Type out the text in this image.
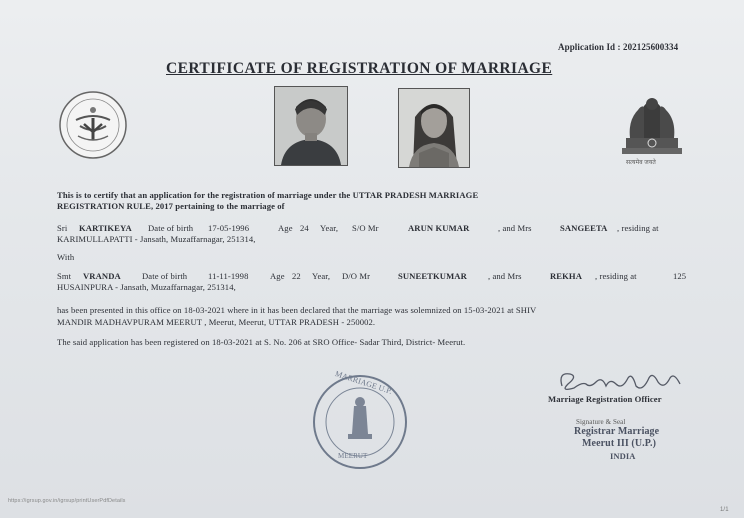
Application Id : 202125600334
CERTIFICATE OF REGISTRATION OF MARRIAGE
सत्यमेव जयते
This is to certify that an application for the registration of marriage under the UTTAR PRADESH MARRIAGE
REGISTRATION RULE, 2017 pertaining to the marriage of
Sri KARTIKEYA Date of birth 17-05-1996	Age 24 Year, S/O Mr	ARUN KUMAR	, and Mrs	SANGEETA , residing at
KARIMULLAPATTI - Jansath, Muzaffarnagar, 251314,
With
Smt VRANDA Date of birth 11-11-1998	Age 22 Year, D/O Mr	SUNEETKUMAR , and Mrs	REKHA , residing at	125
HUSAINPURA - Jansath, Muzaffarnagar, 251314,
has been presented in this office on 18-03-2021 where in it has been declared that the marriage was solemnized on 15-03-2021 at SHIV
MANDIR MADHAVPURAM MEERUT , Meerut, Meerut, UTTAR PRADESH - 250002.
The said application has been registered on 18-03-2021 at S. No. 206 at SRO Office- Sadar Third, District- Meerut.
MARRIAGE U.P.
MEERUT
Marriage Registration Officer
Signature & Seal
Registrar Marriage
Meerut III (U.P.)
INDIA
https://igrsup.gov.in/igrsup/printUserPdfDetails
1/1
